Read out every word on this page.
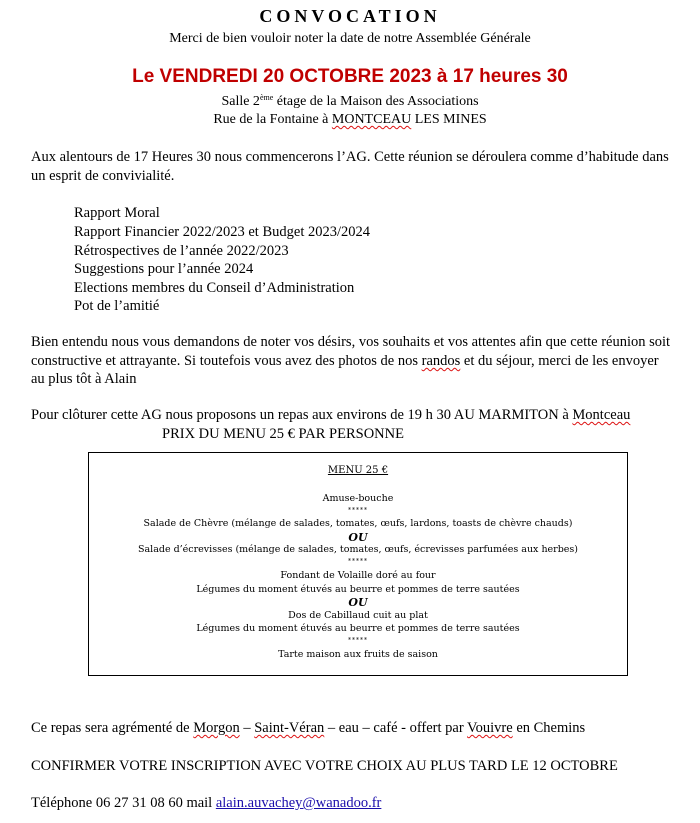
CONVOCATION
Merci de bien vouloir noter la date de notre Assemblée Générale
Le VENDREDI 20 OCTOBRE 2023 à 17 heures 30
Salle 2ème étage de la Maison des Associations
Rue de la Fontaine à MONTCEAU LES MINES
Aux alentours de 17 Heures 30 nous commencerons l’AG. Cette réunion se déroulera comme d’habitude dans
un esprit de convivialité.
Rapport Moral
Rapport Financier 2022/2023 et Budget 2023/2024
Rétrospectives de l’année 2022/2023
Suggestions pour l’année 2024
Elections membres du Conseil d’Administration
Pot de l’amitié
Bien entendu nous vous demandons de noter vos désirs, vos souhaits et vos attentes afin que cette réunion soit
constructive et attrayante. Si toutefois vous avez des photos de nos randos et du séjour, merci de les envoyer
au plus tôt à Alain
Pour clôturer cette AG nous proposons un repas aux environs de 19 h 30 AU MARMITON à Montceau
PRIX DU MENU 25 € PAR PERSONNE
MENU 25 €
Amuse-bouche
*****
Salade de Chèvre (mélange de salades, tomates, œufs, lardons, toasts de chèvre chauds)
OU
Salade d’écrevisses (mélange de salades, tomates, œufs, écrevisses parfumées aux herbes)
*****
Fondant de Volaille doré au four
Légumes du moment étuvés au beurre et pommes de terre sautées
OU
Dos de Cabillaud cuit au plat
Légumes du moment étuvés au beurre et pommes de terre sautées
*****
Tarte maison aux fruits de saison
Ce repas sera agrémenté de Morgon – Saint-Véran – eau – café - offert par Vouivre en Chemins
CONFIRMER VOTRE INSCRIPTION AVEC VOTRE CHOIX AU PLUS TARD LE 12 OCTOBRE
Téléphone 06 27 31 08 60 mail alain.auvachey@wanadoo.fr
